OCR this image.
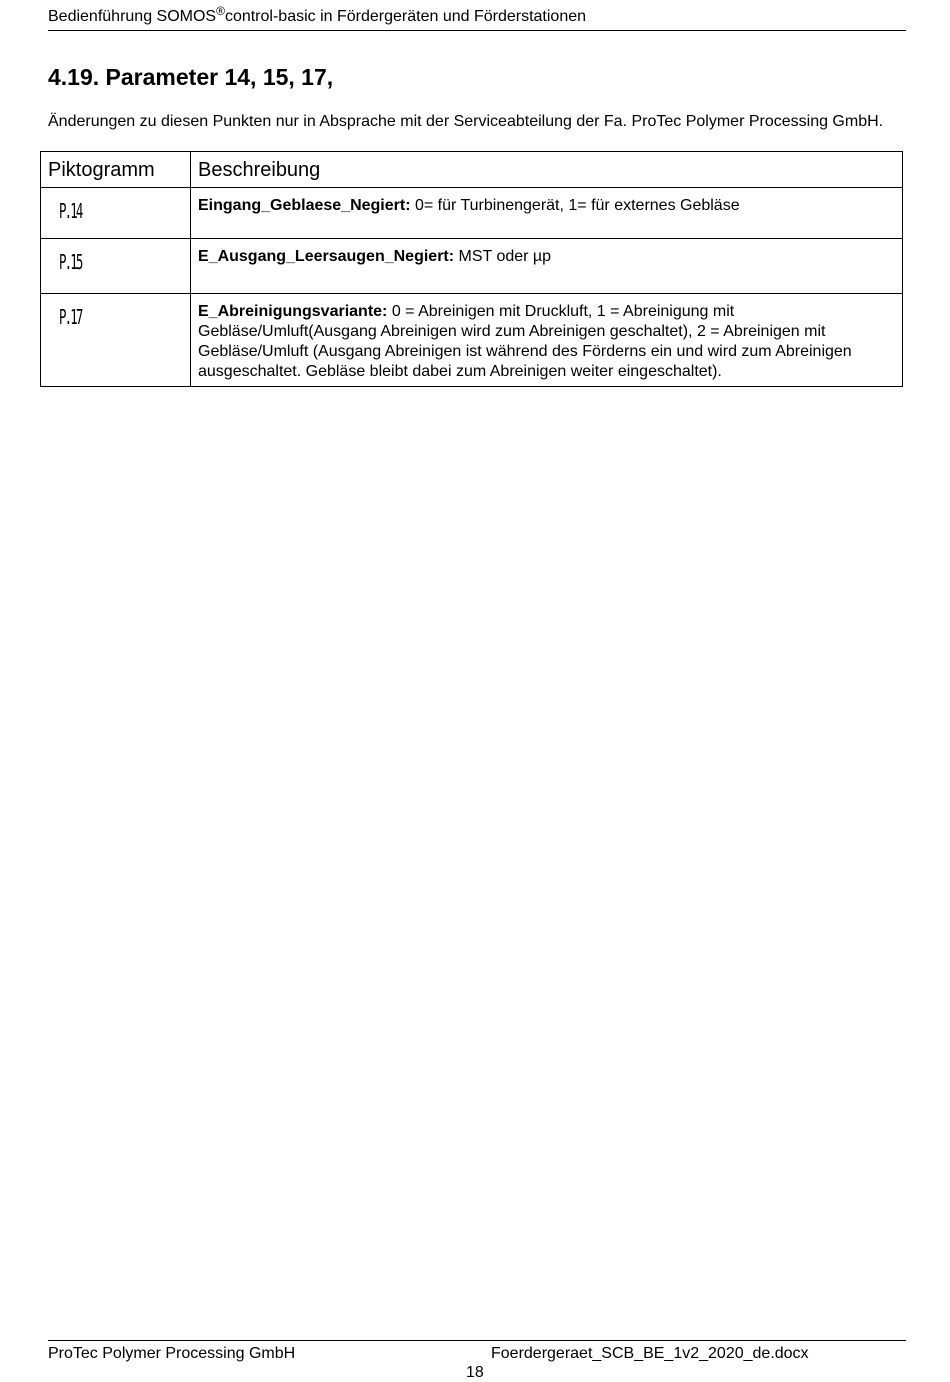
Bedienführung SOMOS®control-basic in Fördergeräten und Förderstationen
4.19. Parameter 14, 15, 17,
Änderungen zu diesen Punkten nur in Absprache mit der Serviceabteilung der Fa. ProTec Polymer Processing GmbH.
Piktogramm	Beschreibung
P.14	Eingang_Geblaese_Negiert: 0= für Turbinengerät, 1= für externes Gebläse
P.15	E_Ausgang_Leersaugen_Negiert: MST oder µp
P.17	E_Abreinigungsvariante: 0 = Abreinigen mit Druckluft, 1 = Abreinigung mit Gebläse/Umluft(Ausgang Abreinigen wird zum Abreinigen geschaltet), 2 = Abreinigen mit Gebläse/Umluft (Ausgang Abreinigen ist während des Förderns ein und wird zum Abreinigen ausgeschaltet. Gebläse bleibt dabei zum Abreinigen weiter eingeschaltet).
ProTec Polymer Processing GmbH	Foerdergeraet_SCB_BE_1v2_2020_de.docx
18
